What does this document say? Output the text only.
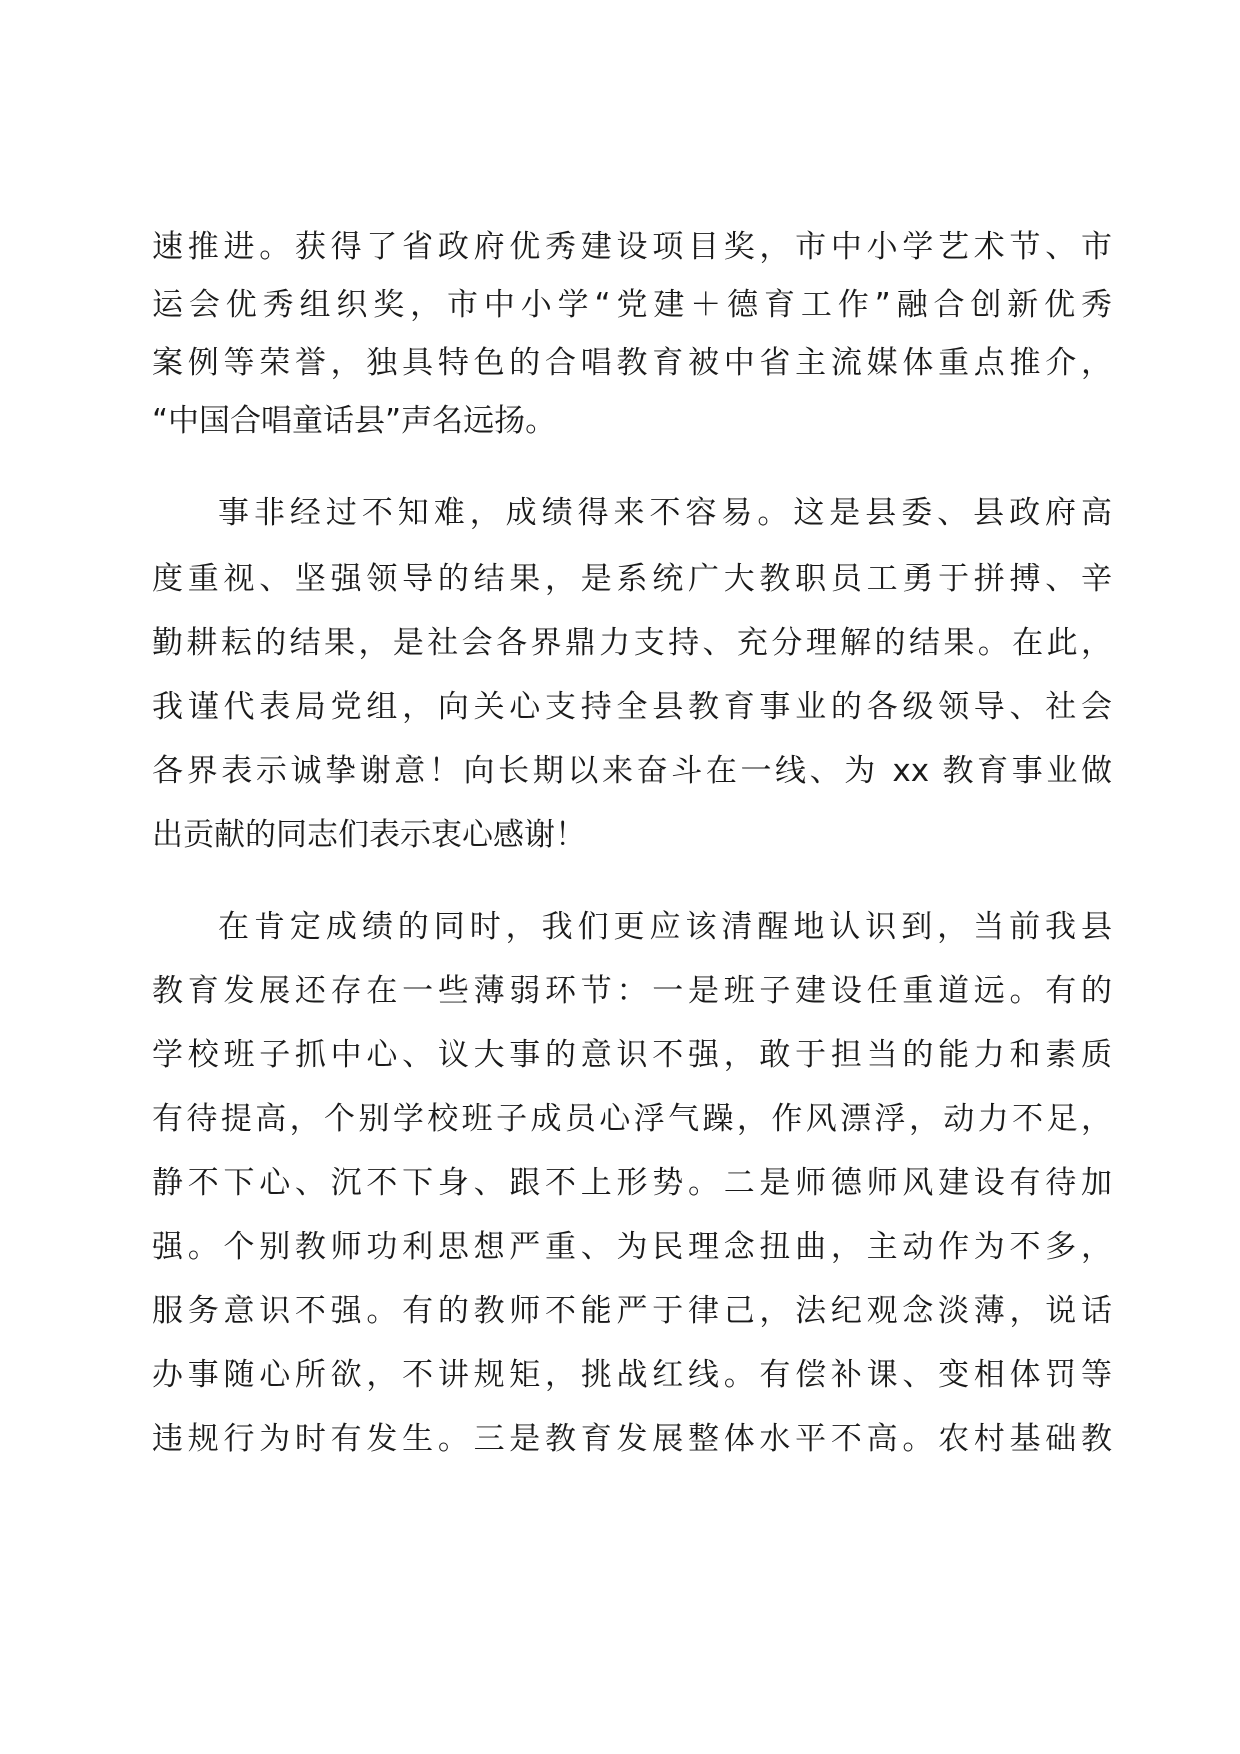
速推进。获得了省政府优秀建设项目奖，市中小学艺术节、市
运会优秀组织奖，市中小学“党建＋德育工作”融合创新优秀
案例等荣誉，独具特色的合唱教育被中省主流媒体重点推介，
“中国合唱童话县”声名远扬。
事非经过不知难，成绩得来不容易。这是县委、县政府高
度重视、坚强领导的结果，是系统广大教职员工勇于拼搏、辛
勤耕耘的结果，是社会各界鼎力支持、充分理解的结果。在此，
我谨代表局党组，向关心支持全县教育事业的各级领导、社会
各界表示诚挚谢意！向长期以来奋斗在一线、为 xx 教育事业做
出贡献的同志们表示衷心感谢！
在肯定成绩的同时，我们更应该清醒地认识到，当前我县
教育发展还存在一些薄弱环节：一是班子建设任重道远。有的
学校班子抓中心、议大事的意识不强，敢于担当的能力和素质
有待提高，个别学校班子成员心浮气躁，作风漂浮，动力不足，
静不下心、沉不下身、跟不上形势。二是师德师风建设有待加
强。个别教师功利思想严重、为民理念扭曲，主动作为不多，
服务意识不强。有的教师不能严于律己，法纪观念淡薄，说话
办事随心所欲，不讲规矩，挑战红线。有偿补课、变相体罚等
违规行为时有发生。三是教育发展整体水平不高。农村基础教
